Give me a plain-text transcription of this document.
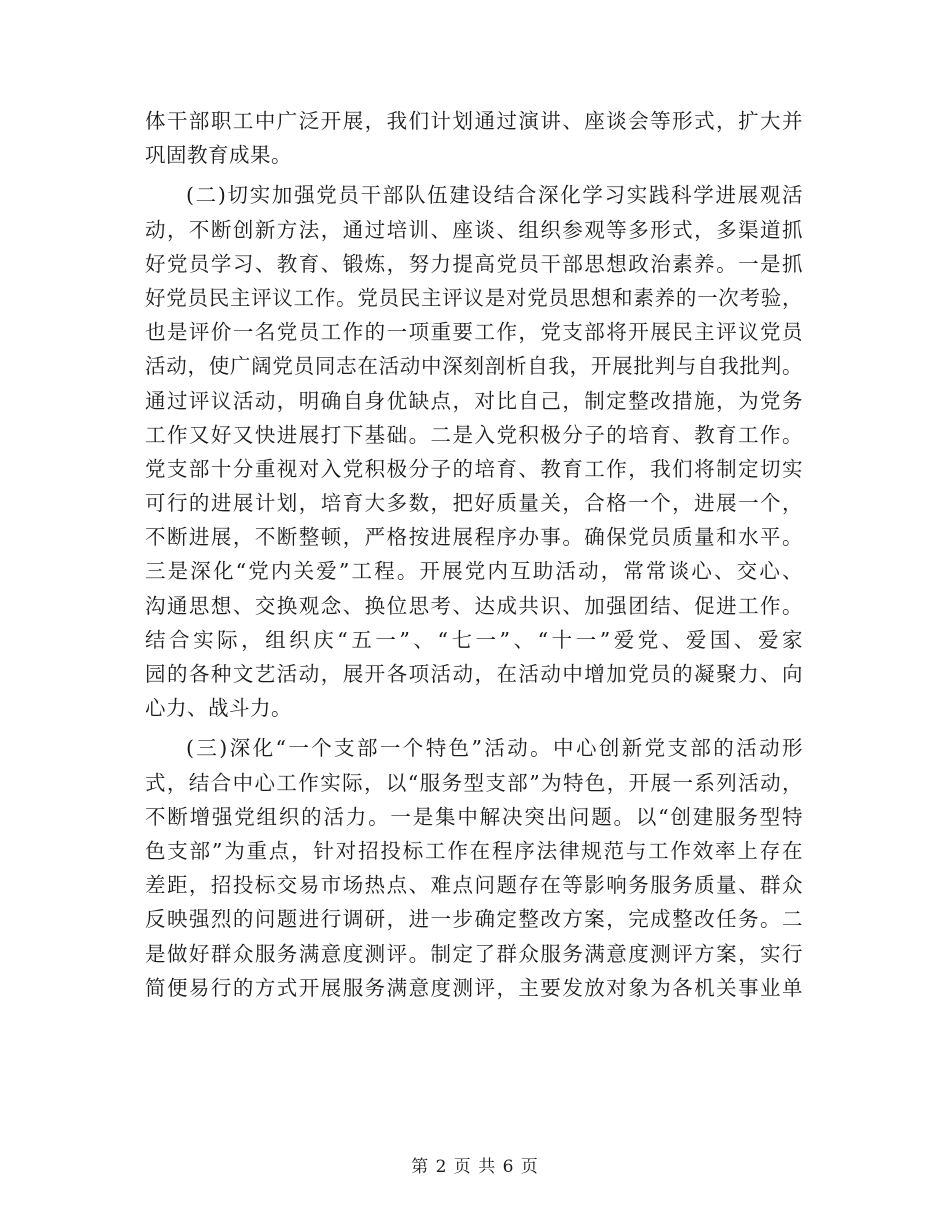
体干部职工中广泛开展，我们计划通过演讲、座谈会等形式，扩大并
巩固教育成果。
(二)切实加强党员干部队伍建设结合深化学习实践科学进展观活
动，不断创新方法，通过培训、座谈、组织参观等多形式，多渠道抓
好党员学习、教育、锻炼，努力提高党员干部思想政治素养。一是抓
好党员民主评议工作。党员民主评议是对党员思想和素养的一次考验，
也是评价一名党员工作的一项重要工作，党支部将开展民主评议党员
活动，使广阔党员同志在活动中深刻剖析自我，开展批判与自我批判。
通过评议活动，明确自身优缺点，对比自己，制定整改措施，为党务
工作又好又快进展打下基础。二是入党积极分子的培育、教育工作。
党支部十分重视对入党积极分子的培育、教育工作，我们将制定切实
可行的进展计划，培育大多数，把好质量关，合格一个，进展一个，
不断进展，不断整顿，严格按进展程序办事。确保党员质量和水平。
三是深化“党内关爱”工程。开展党内互助活动，常常谈心、交心、
沟通思想、交换观念、换位思考、达成共识、加强团结、促进工作。
结合实际，组织庆“五一”、“七一”、“十一”爱党、爱国、爱家
园的各种文艺活动，展开各项活动，在活动中增加党员的凝聚力、向
心力、战斗力。
(三)深化“一个支部一个特色”活动。中心创新党支部的活动形
式，结合中心工作实际，以“服务型支部”为特色，开展一系列活动，
不断增强党组织的活力。一是集中解决突出问题。以“创建服务型特
色支部”为重点，针对招投标工作在程序法律规范与工作效率上存在
差距，招投标交易市场热点、难点问题存在等影响务服务质量、群众
反映强烈的问题进行调研，进一步确定整改方案，完成整改任务。二
是做好群众服务满意度测评。制定了群众服务满意度测评方案，实行
简便易行的方式开展服务满意度测评，主要发放对象为各机关事业单
第 2 页 共 6 页
